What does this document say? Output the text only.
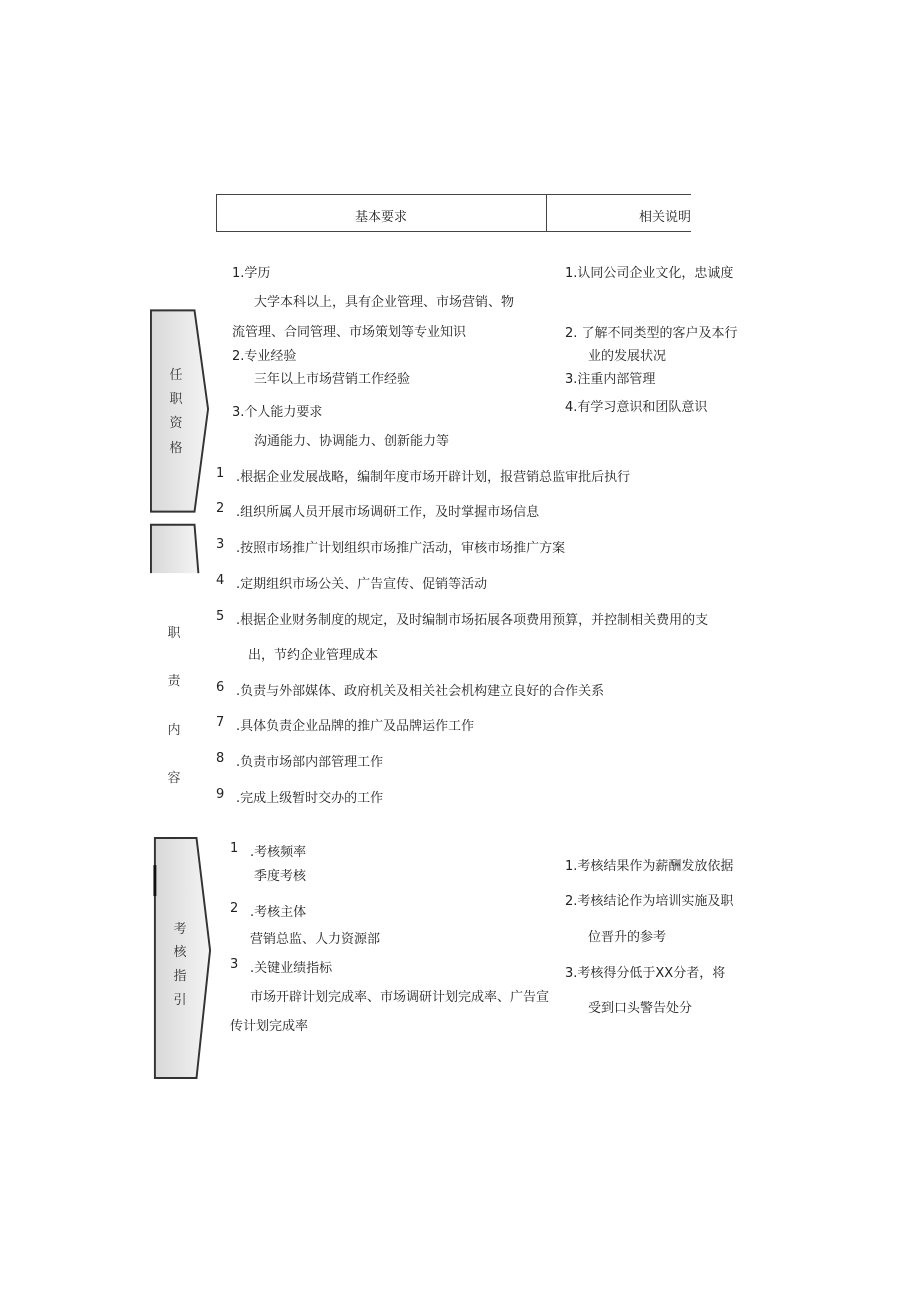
基本要求	相关说明
任
职
资
格
职
责
内
容
考
核
指
引
1.学历
大学本科以上，具有企业管理、市场营销、物
流管理、合同管理、市场策划等专业知识
2.专业经验
三年以上市场营销工作经验
3.个人能力要求
沟通能力、协调能力、创新能力等
1.认同公司企业文化，忠诚度
2. 了解不同类型的客户及本行
业的发展状况
3.注重内部管理
4.有学习意识和团队意识
1 .根据企业发展战略，编制年度市场开辟计划，报营销总监审批后执行
2 .组织所属人员开展市场调研工作，及时掌握市场信息
3 .按照市场推广计划组织市场推广活动，审核市场推广方案
4 .定期组织市场公关、广告宣传、促销等活动
5 .根据企业财务制度的规定，及时编制市场拓展各项费用预算，并控制相关费用的支
出，节约企业管理成本
6 .负责与外部媒体、政府机关及相关社会机构建立良好的合作关系
7 .具体负责企业品牌的推广及品牌运作工作
8 .负责市场部内部管理工作
9 .完成上级暂时交办的工作
1 .考核频率
季度考核
2 .考核主体
营销总监、人力资源部
3 .关键业绩指标
市场开辟计划完成率、市场调研计划完成率、广告宣
传计划完成率
1.考核结果作为薪酬发放依据
2.考核结论作为培训实施及职
位晋升的参考
3.考核得分低于XX分者，将
受到口头警告处分
